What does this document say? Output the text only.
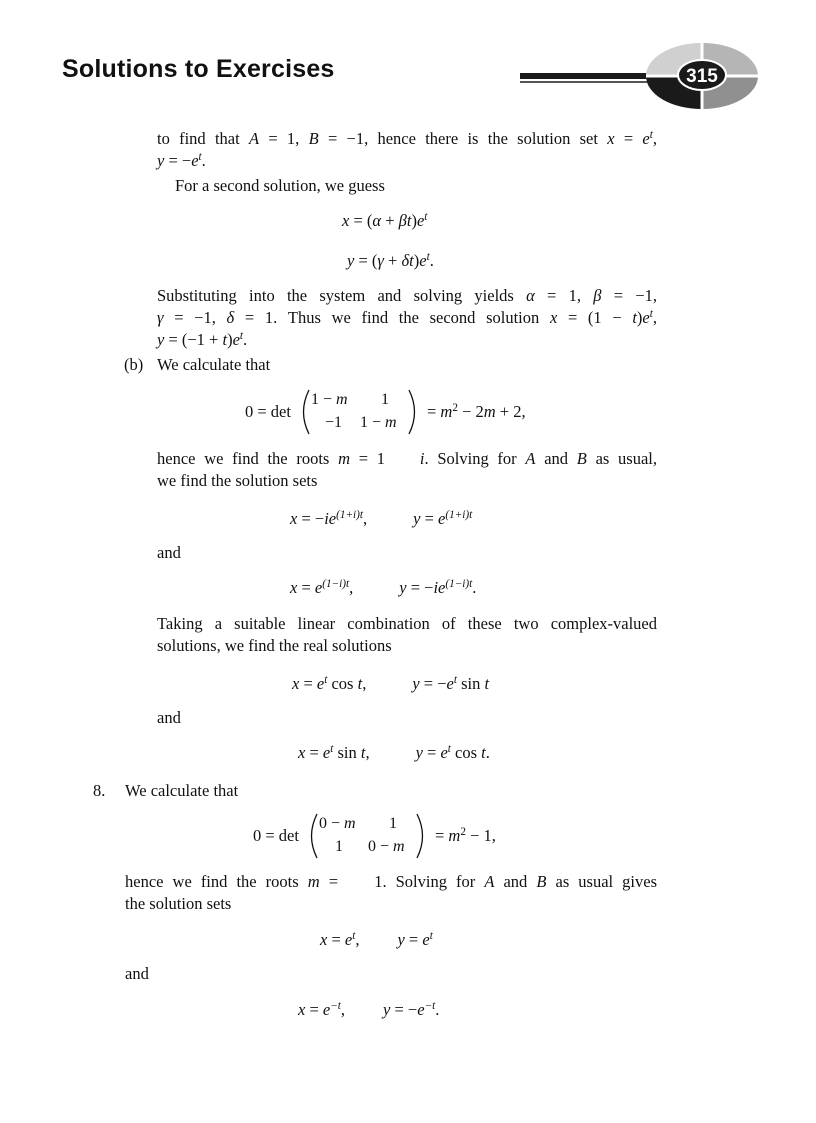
Solutions to Exercises	315

to find that A = 1, B = −1, hence there is the solution set $x = e^t$,

$y = -e^t$.

For a second solution, we guess

$x = (\alpha + \beta t)e^t$
$y = (\gamma + \delta t)e^t$.

Substituting into the system and solving yields α = 1, β = −1,

γ = −1, δ = 1. Thus we find the second solution $x = (1 - t)e^t$,

$y = (-1 + t)e^t$.

(b) We calculate that

0 = det
1 − m 1
−1 1 − m
= $m^2 - 2m + 2$,

hence we find the roots m = 1    i. Solving for A and B as usual,

we find the solution sets

$x = -ie^{(1+i)t}$,	$y = e^{(1+i)t}$

and

$x = e^{(1-i)t}$,	$y = -ie^{(1-i)t}$.

Taking a suitable linear combination of these two complex-valued

solutions, we find the real solutions

$x = e^t$ cos t,	$y = -e^t$ sin t

and

$x = e^t$ sin t,	$y = e^t$ cos t.
8. We calculate that

0 = det
0 − m 1
1 0 − m
= $m^2 - 1$,

hence we find the roots m =    1. Solving for A and B as usual gives

the solution sets

$x = e^t$, $y = e^t$

and

$x = e^{-t}$, $y = -e^{-t}$.
